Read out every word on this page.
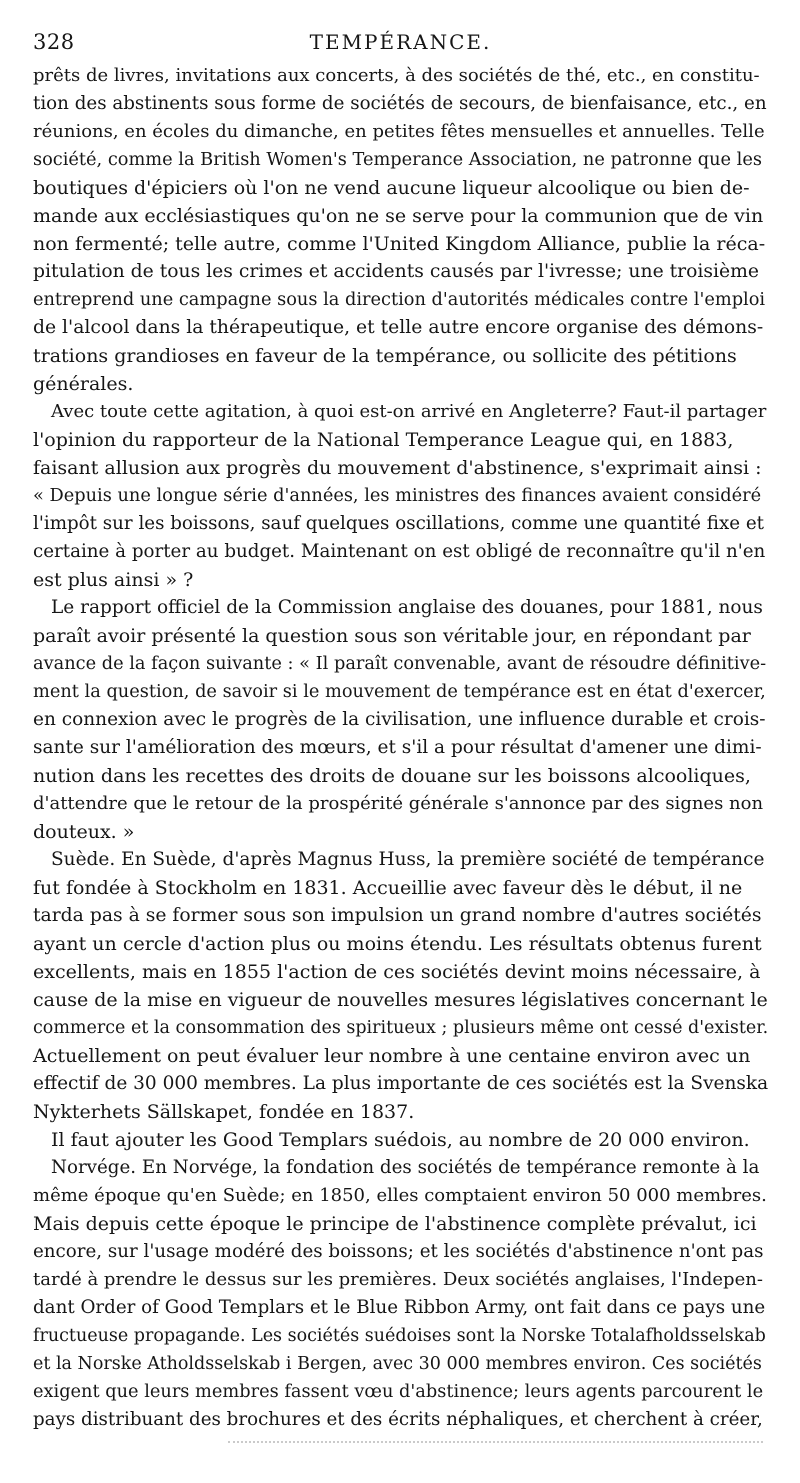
328	TEMPÉRANCE.
prêts de livres, invitations aux concerts, à des sociétés de thé, etc., en constitu-
tion des abstinents sous forme de sociétés de secours, de bienfaisance, etc., en
réunions, en écoles du dimanche, en petites fêtes mensuelles et annuelles. Telle
société, comme la British Women's Temperance Association, ne patronne que les
boutiques d'épiciers où l'on ne vend aucune liqueur alcoolique ou bien de-
mande aux ecclésiastiques qu'on ne se serve pour la communion que de vin
non fermenté; telle autre, comme l'United Kingdom Alliance, publie la réca-
pitulation de tous les crimes et accidents causés par l'ivresse; une troisième
entreprend une campagne sous la direction d'autorités médicales contre l'emploi
de l'alcool dans la thérapeutique, et telle autre encore organise des démons-
trations grandioses en faveur de la tempérance, ou sollicite des pétitions
générales.
Avec toute cette agitation, à quoi est-on arrivé en Angleterre? Faut-il partager
l'opinion du rapporteur de la National Temperance League qui, en 1883,
faisant allusion aux progrès du mouvement d'abstinence, s'exprimait ainsi :
« Depuis une longue série d'années, les ministres des finances avaient considéré
l'impôt sur les boissons, sauf quelques oscillations, comme une quantité fixe et
certaine à porter au budget. Maintenant on est obligé de reconnaître qu'il n'en
est plus ainsi » ?
Le rapport officiel de la Commission anglaise des douanes, pour 1881, nous
paraît avoir présenté la question sous son véritable jour, en répondant par
avance de la façon suivante : « Il paraît convenable, avant de résoudre définitive-
ment la question, de savoir si le mouvement de tempérance est en état d'exercer,
en connexion avec le progrès de la civilisation, une influence durable et crois-
sante sur l'amélioration des mœurs, et s'il a pour résultat d'amener une dimi-
nution dans les recettes des droits de douane sur les boissons alcooliques,
d'attendre que le retour de la prospérité générale s'annonce par des signes non
douteux. »
Suède. En Suède, d'après Magnus Huss, la première société de tempérance
fut fondée à Stockholm en 1831. Accueillie avec faveur dès le début, il ne
tarda pas à se former sous son impulsion un grand nombre d'autres sociétés
ayant un cercle d'action plus ou moins étendu. Les résultats obtenus furent
excellents, mais en 1855 l'action de ces sociétés devint moins nécessaire, à
cause de la mise en vigueur de nouvelles mesures législatives concernant le
commerce et la consommation des spiritueux ; plusieurs même ont cessé d'exister.
Actuellement on peut évaluer leur nombre à une centaine environ avec un
effectif de 30 000 membres. La plus importante de ces sociétés est la Svenska
Nykterhets Sällskapet, fondée en 1837.
Il faut ajouter les Good Templars suédois, au nombre de 20 000 environ.
Norvége. En Norvége, la fondation des sociétés de tempérance remonte à la
même époque qu'en Suède; en 1850, elles comptaient environ 50 000 membres.
Mais depuis cette époque le principe de l'abstinence complète prévalut, ici
encore, sur l'usage modéré des boissons; et les sociétés d'abstinence n'ont pas
tardé à prendre le dessus sur les premières. Deux sociétés anglaises, l'Indepen-
dant Order of Good Templars et le Blue Ribbon Army, ont fait dans ce pays une
fructueuse propagande. Les sociétés suédoises sont la Norske Totalafholdsselskab
et la Norske Atholdsselskab i Bergen, avec 30 000 membres environ. Ces sociétés
exigent que leurs membres fassent vœu d'abstinence; leurs agents parcourent le
pays distribuant des brochures et des écrits néphaliques, et cherchent à créer,
